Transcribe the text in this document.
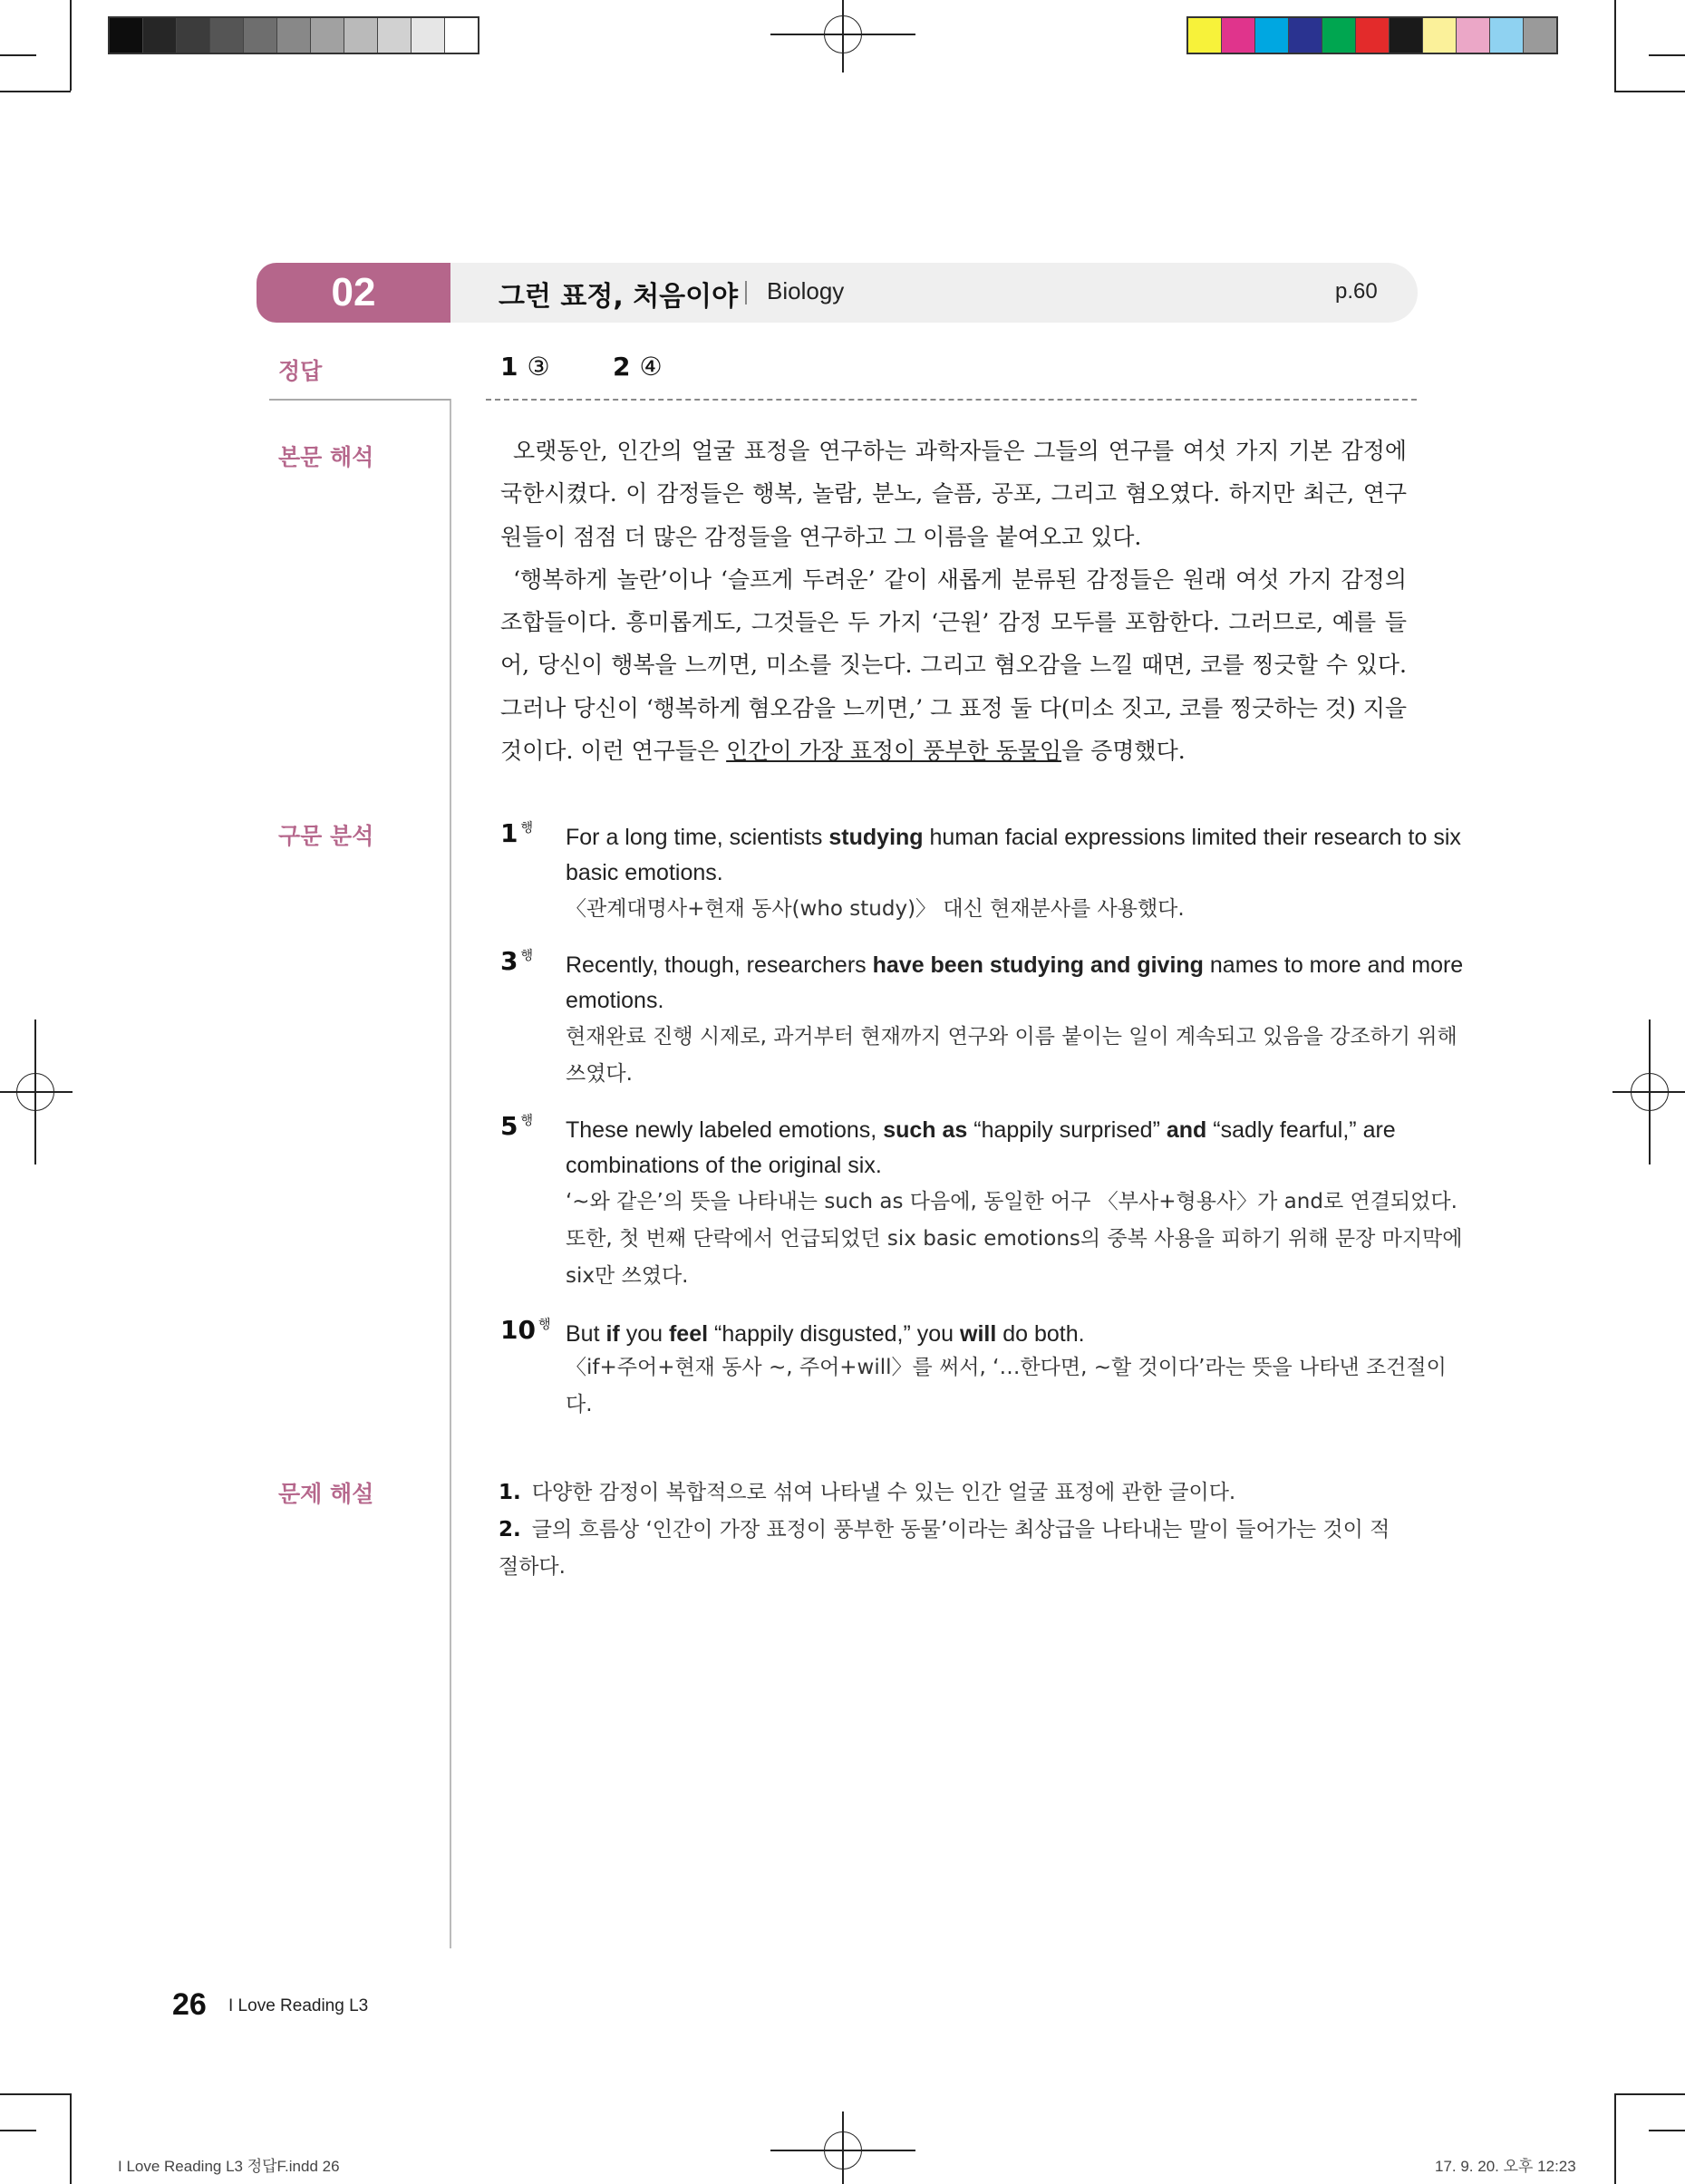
02	그런 표정, 처음이야 Biology	p.60
정답
본문 해석
구문 분석
문제 해설
1 ③ 2 ④

오랫동안, 인간의 얼굴 표정을 연구하는 과학자들은 그들의 연구를 여섯 가지 기본 감정에 국한시켰다. 이 감정들은 행복, 놀람, 분노, 슬픔, 공포, 그리고 혐오였다. 하지만 최근, 연구원들이 점점 더 많은 감정들을 연구하고 그 이름을 붙여오고 있다.

‘행복하게 놀란’이나 ‘슬프게 두려운’ 같이 새롭게 분류된 감정들은 원래 여섯 가지 감정의 조합들이다. 흥미롭게도, 그것들은 두 가지 ‘근원’ 감정 모두를 포함한다. 그러므로, 예를 들어, 당신이 행복을 느끼면, 미소를 짓는다. 그리고 혐오감을 느낄 때면, 코를 찡긋할 수 있다. 그러나 당신이 ‘행복하게 혐오감을 느끼면,’ 그 표정 둘 다(미소 짓고, 코를 찡긋하는 것) 지을 것이다. 이런 연구들은 인간이 가장 표정이 풍부한 동물임을 증명했다.

1 $^행$ For a long time, scientists studying human facial expressions limited their research to six basic emotions.
〈관계대명사+현재 동사(who study)〉 대신 현재분사를 사용했다.
3 $^행$ Recently, though, researchers have been studying and giving names to more and more emotions.
현재완료 진행 시제로, 과거부터 현재까지 연구와 이름 붙이는 일이 계속되고 있음을 강조하기 위해 쓰였다.
5 $^행$ These newly labeled emotions, such as “happily surprised” and “sadly fearful,” are combinations of the original six.
‘~와 같은’의 뜻을 나타내는 such as 다음에, 동일한 어구 〈부사+형용사〉가 and로 연결되었다. 또한, 첫 번째 단락에서 언급되었던 six basic emotions의 중복 사용을 피하기 위해 문장 마지막에 six만 쓰였다.
10 $^행$ But if you feel “happily disgusted,” you will do both.
〈if+주어+현재 동사 ~, 주어+will〉를 써서, ‘…한다면, ~할 것이다’라는 뜻을 나타낸 조건절이다.
1. 다양한 감정이 복합적으로 섞여 나타낼 수 있는 인간 얼굴 표정에 관한 글이다.
2. 글의 흐름상 ‘인간이 가장 표정이 풍부한 동물’이라는 최상급을 나타내는 말이 들어가는 것이 적절하다.
26 I Love Reading L3
I Love Reading L3 정답F.indd 26	17. 9. 20. 오후 12:23
